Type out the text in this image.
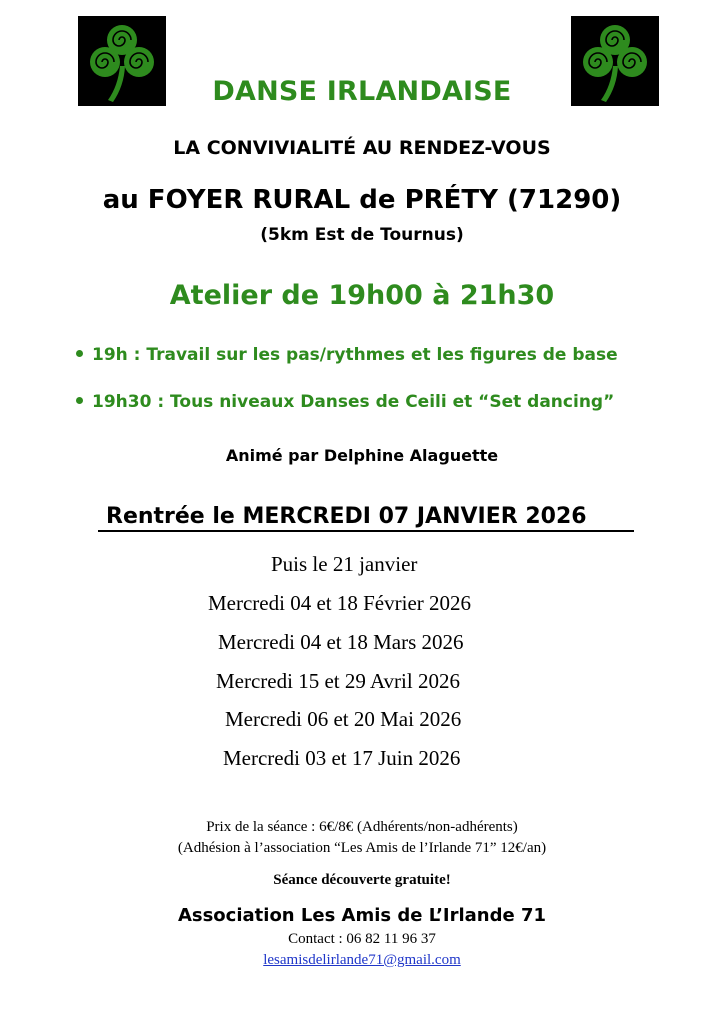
DANSE IRLANDAISE
LA CONVIVIALITÉ AU RENDEZ-VOUS
au FOYER RURAL de PRÉTY (71290)
(5km Est de Tournus)
Atelier de 19h00 à 21h30
19h : Travail sur les pas/rythmes et les figures de base
19h30 : Tous niveaux Danses de Ceili et “Set dancing”
Animé par Delphine Alaguette
Rentrée le MERCREDI 07 JANVIER 2026
Puis le 21 janvier
Mercredi 04 et 18 Février 2026
Mercredi 04 et 18 Mars 2026
Mercredi 15 et 29 Avril 2026
Mercredi 06 et 20 Mai 2026
Mercredi 03 et 17 Juin 2026
Prix de la séance : 6€/8€ (Adhérents/non-adhérents)
(Adhésion à l’association “Les Amis de l’Irlande 71” 12€/an)
Séance découverte gratuite!
Association Les Amis de L’Irlande 71
Contact : 06 82 11 96 37
lesamisdelirlande71@gmail.com
